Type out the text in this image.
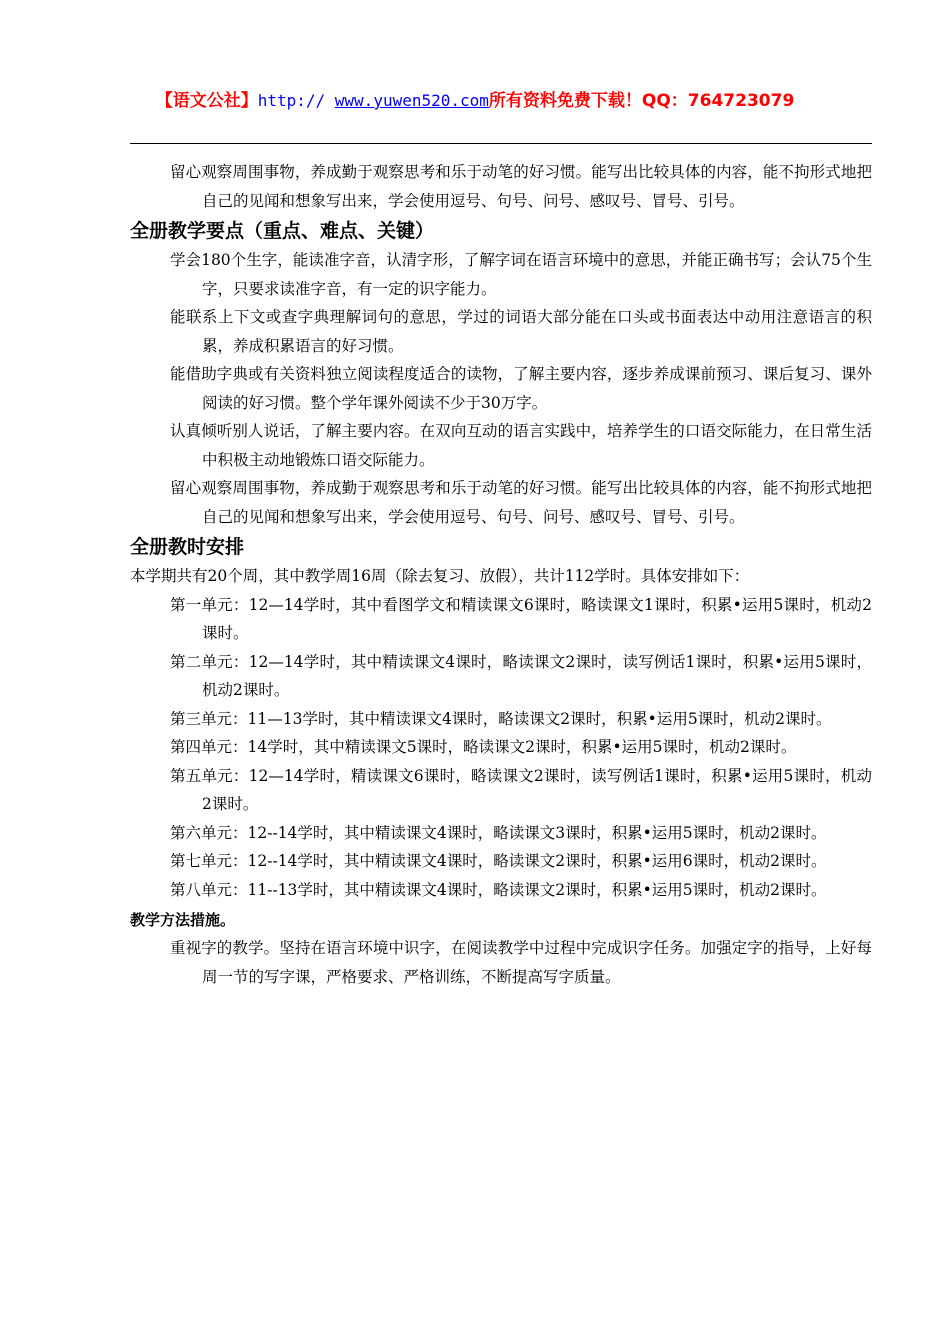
【语文公社】http:// www.yuwen520.com所有资料免费下载！QQ：764723079

留心观察周围事物，养成勤于观察思考和乐于动笔的好习惯。能写出比较具体的内容，能不拘形式地把自己的见闻和想象写出来，学会使用逗号、句号、问号、感叹号、冒号、引号。

全册教学要点（重点、难点、关键）

学会180个生字，能读准字音，认清字形，了解字词在语言环境中的意思，并能正确书写；会认75个生字，只要求读准字音，有一定的识字能力。

能联系上下文或查字典理解词句的意思，学过的词语大部分能在口头或书面表达中动用注意语言的积累，养成积累语言的好习惯。

能借助字典或有关资料独立阅读程度适合的读物，了解主要内容，逐步养成课前预习、课后复习、课外阅读的好习惯。整个学年课外阅读不少于30万字。

认真倾听别人说话，了解主要内容。在双向互动的语言实践中，培养学生的口语交际能力，在日常生活中积极主动地锻炼口语交际能力。

留心观察周围事物，养成勤于观察思考和乐于动笔的好习惯。能写出比较具体的内容，能不拘形式地把自己的见闻和想象写出来，学会使用逗号、句号、问号、感叹号、冒号、引号。

全册教时安排

本学期共有20个周，其中教学周16周（除去复习、放假），共计112学时。具体安排如下：

第一单元：12—14学时，其中看图学文和精读课文6课时，略读课文1课时，积累•运用5课时，机动2课时。

第二单元：12—14学时，其中精读课文4课时，略读课文2课时，读写例话1课时，积累•运用5课时，机动2课时。

第三单元：11—13学时，其中精读课文4课时，略读课文2课时，积累•运用5课时，机动2课时。

第四单元：14学时，其中精读课文5课时，略读课文2课时，积累•运用5课时，机动2课时。

第五单元：12—14学时，精读课文6课时，略读课文2课时，读写例话1课时，积累•运用5课时，机动2课时。

第六单元：12--14学时，其中精读课文4课时，略读课文3课时，积累•运用5课时，机动2课时。

第七单元：12--14学时，其中精读课文4课时，略读课文2课时，积累•运用6课时，机动2课时。

第八单元：11--13学时，其中精读课文4课时，略读课文2课时，积累•运用5课时，机动2课时。

教学方法措施。

重视字的教学。坚持在语言环境中识字，在阅读教学中过程中完成识字任务。加强定字的指导，上好每周一节的写字课，严格要求、严格训练，不断提高写字质量。
